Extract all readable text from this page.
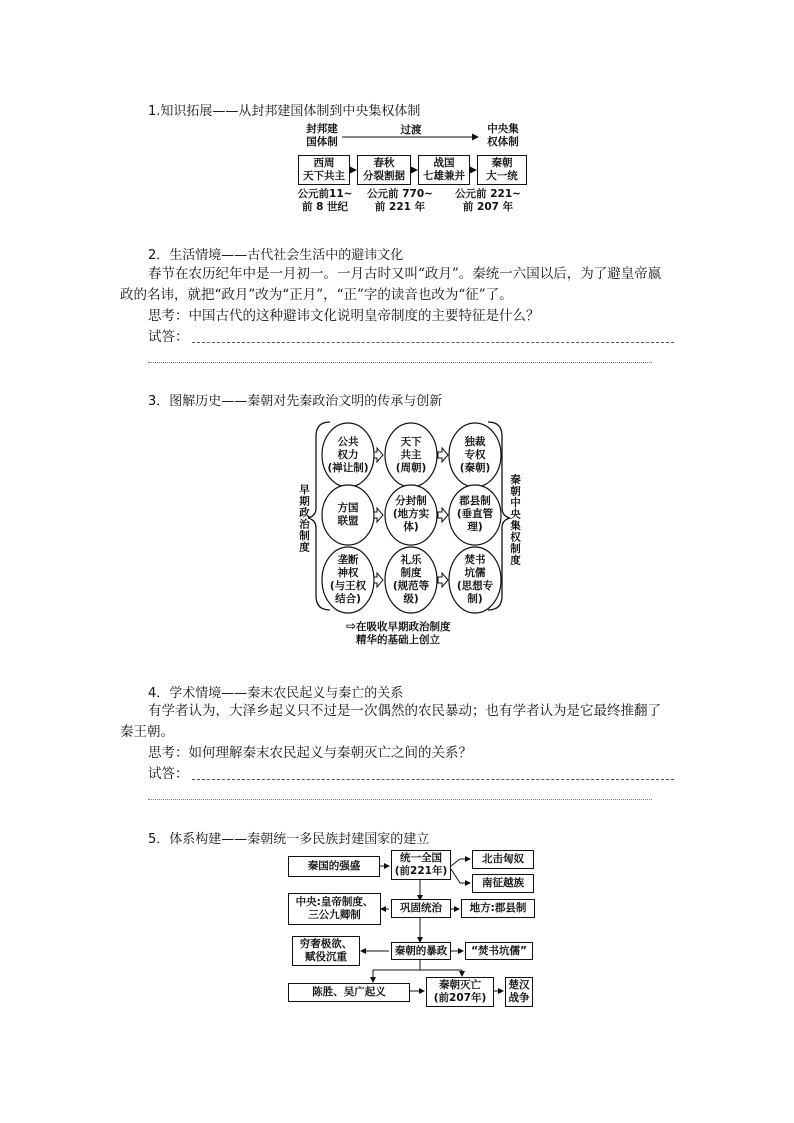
1.知识拓展——从封邦建国体制到中央集权体制
封邦建
国体制
过渡	中央集
权体制
西周
天下共主
春秋
分裂割据
战国
七雄兼并
秦朝
大一统
公元前11~
前 8 世纪
公元前 770~
前 221 年
公元前 221~
前 207 年
2．生活情境——古代社会生活中的避讳文化
春节在农历纪年中是一月初一。一月古时又叫“政月”。秦统一六国以后，为了避皇帝嬴政的名讳，就把“政月”改为“正月”，“正”字的读音也改为“征”了。
思考：中国古代的这种避讳文化说明皇帝制度的主要特征是什么？
试答：
3．图解历史——秦朝对先秦政治文明的传承与创新
早期政治制度	秦朝中央集权制度
公共
权力
(禅让制)
天下
共主
(周朝)
独裁
专权
(秦朝)
方国
联盟
分封制
(地方实
体)
郡县制
(垂直管
理)
垄断
神权
(与王权
结合)
礼乐
制度
(规范等
级)
焚书
坑儒
(思想专
制)
⇨ 在吸收早期政治制度
精华的基础上创立
4．学术情境——秦末农民起义与秦亡的关系
有学者认为，大泽乡起义只不过是一次偶然的农民暴动；也有学者认为是它最终推翻了秦王朝。
思考：如何理解秦末农民起义与秦朝灭亡之间的关系？
试答：
5．体系构建——秦朝统一多民族封建国家的建立
秦国的强盛
统一全国
(前221年)
北击匈奴
南征越族
中央:皇帝制度、
三公九卿制
巩固统治	地方:郡县制
穷奢极欲、
赋役沉重
秦朝的暴政	“焚书坑儒”
陈胜、吴广起义
秦朝灭亡
(前207年)
楚汉
战争
